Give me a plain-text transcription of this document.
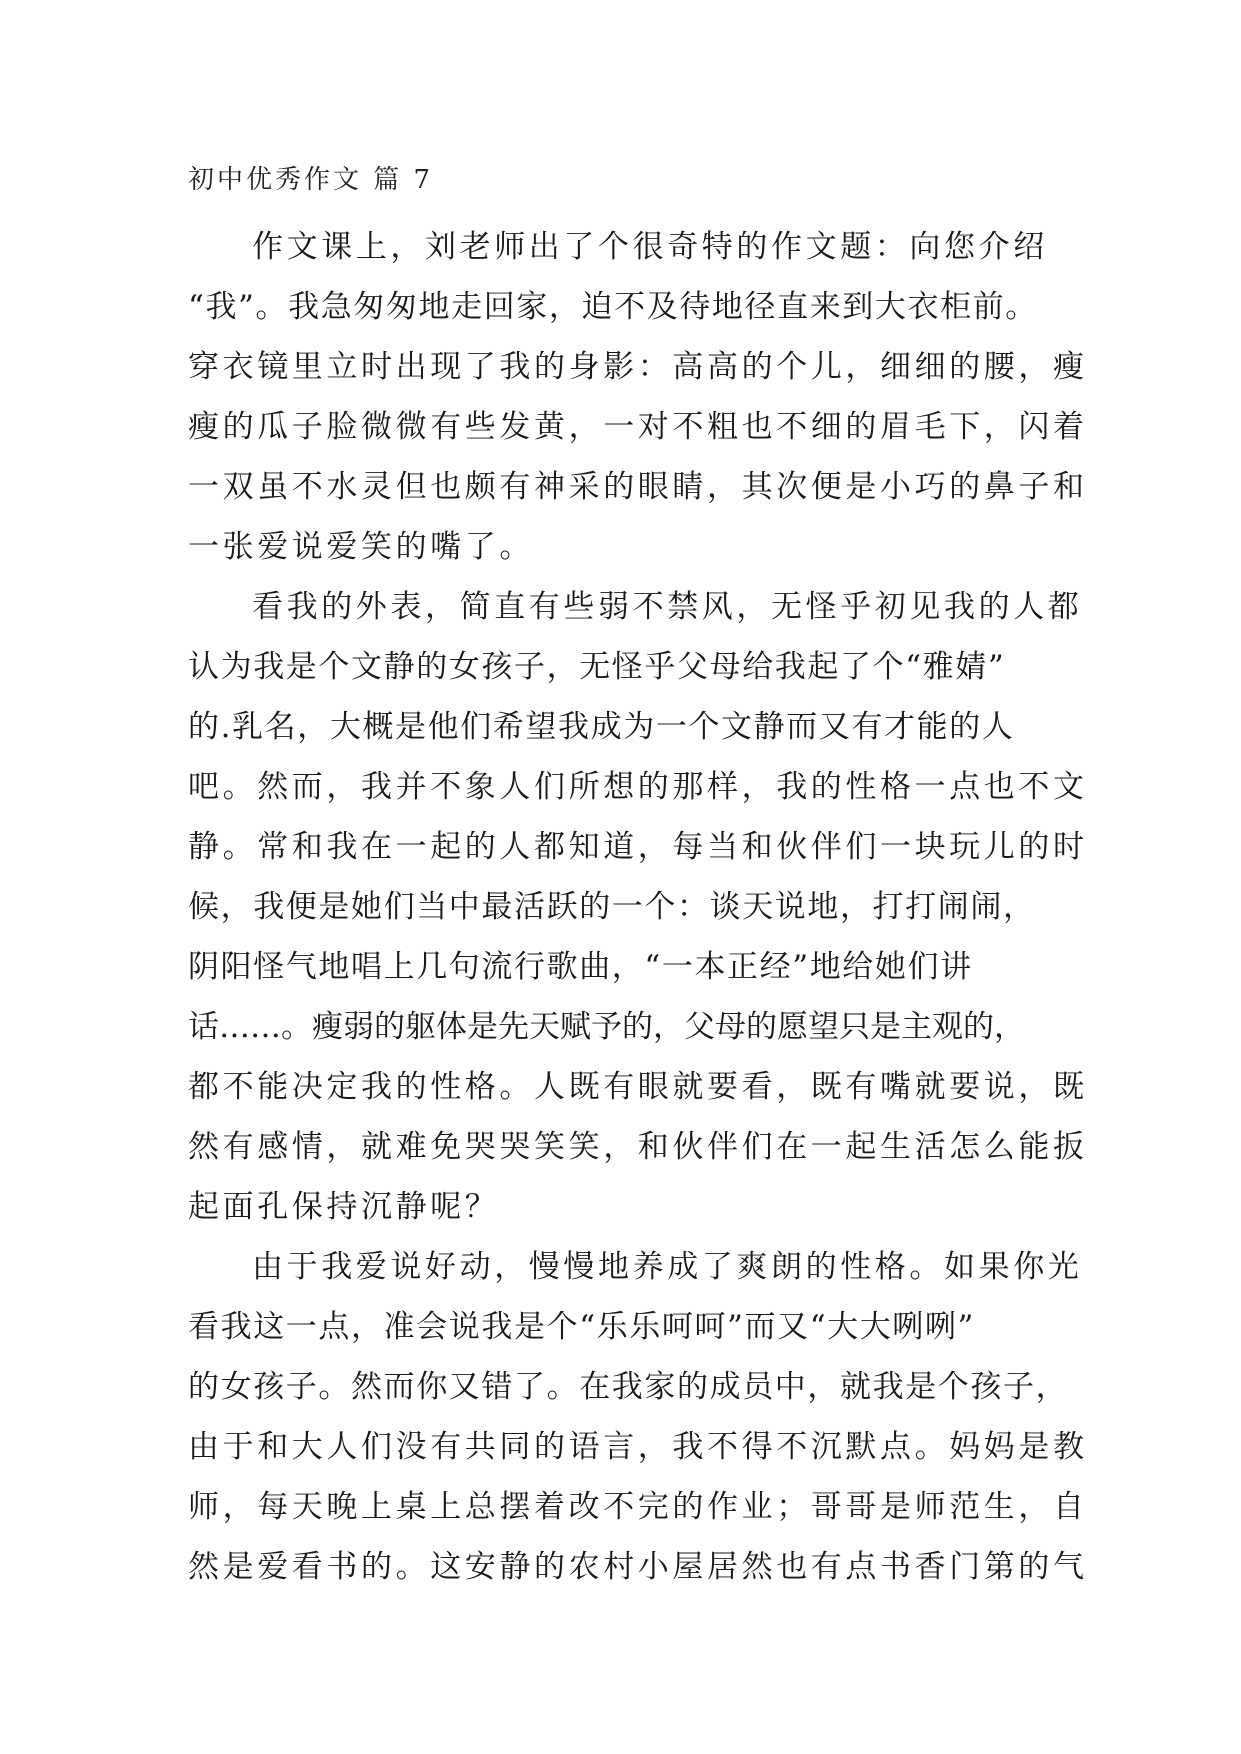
初中优秀作文 篇 7
作文课上，刘老师出了个很奇特的作文题：向您介绍
“我”。我急匆匆地走回家，迫不及待地径直来到大衣柜前。
穿衣镜里立时出现了我的身影：高高的个儿，细细的腰，瘦
瘦的瓜子脸微微有些发黄，一对不粗也不细的眉毛下，闪着
一双虽不水灵但也颇有神采的眼睛，其次便是小巧的鼻子和
一张爱说爱笑的嘴了。
看我的外表，简直有些弱不禁风，无怪乎初见我的人都
认为我是个文静的女孩子，无怪乎父母给我起了个“雅婧”
的.乳名，大概是他们希望我成为一个文静而又有才能的人
吧。然而，我并不象人们所想的那样，我的性格一点也不文
静。常和我在一起的人都知道，每当和伙伴们一块玩儿的时
候，我便是她们当中最活跃的一个：谈天说地，打打闹闹，
阴阳怪气地唱上几句流行歌曲，“一本正经”地给她们讲
话……。瘦弱的躯体是先天赋予的，父母的愿望只是主观的，
都不能决定我的性格。人既有眼就要看，既有嘴就要说，既
然有感情，就难免哭哭笑笑，和伙伴们在一起生活怎么能扳
起面孔保持沉静呢？
由于我爱说好动，慢慢地养成了爽朗的性格。如果你光
看我这一点，准会说我是个“乐乐呵呵”而又“大大咧咧”
的女孩子。然而你又错了。在我家的成员中，就我是个孩子，
由于和大人们没有共同的语言，我不得不沉默点。妈妈是教
师，每天晚上桌上总摆着改不完的作业；哥哥是师范生，自
然是爱看书的。这安静的农村小屋居然也有点书香门第的气
